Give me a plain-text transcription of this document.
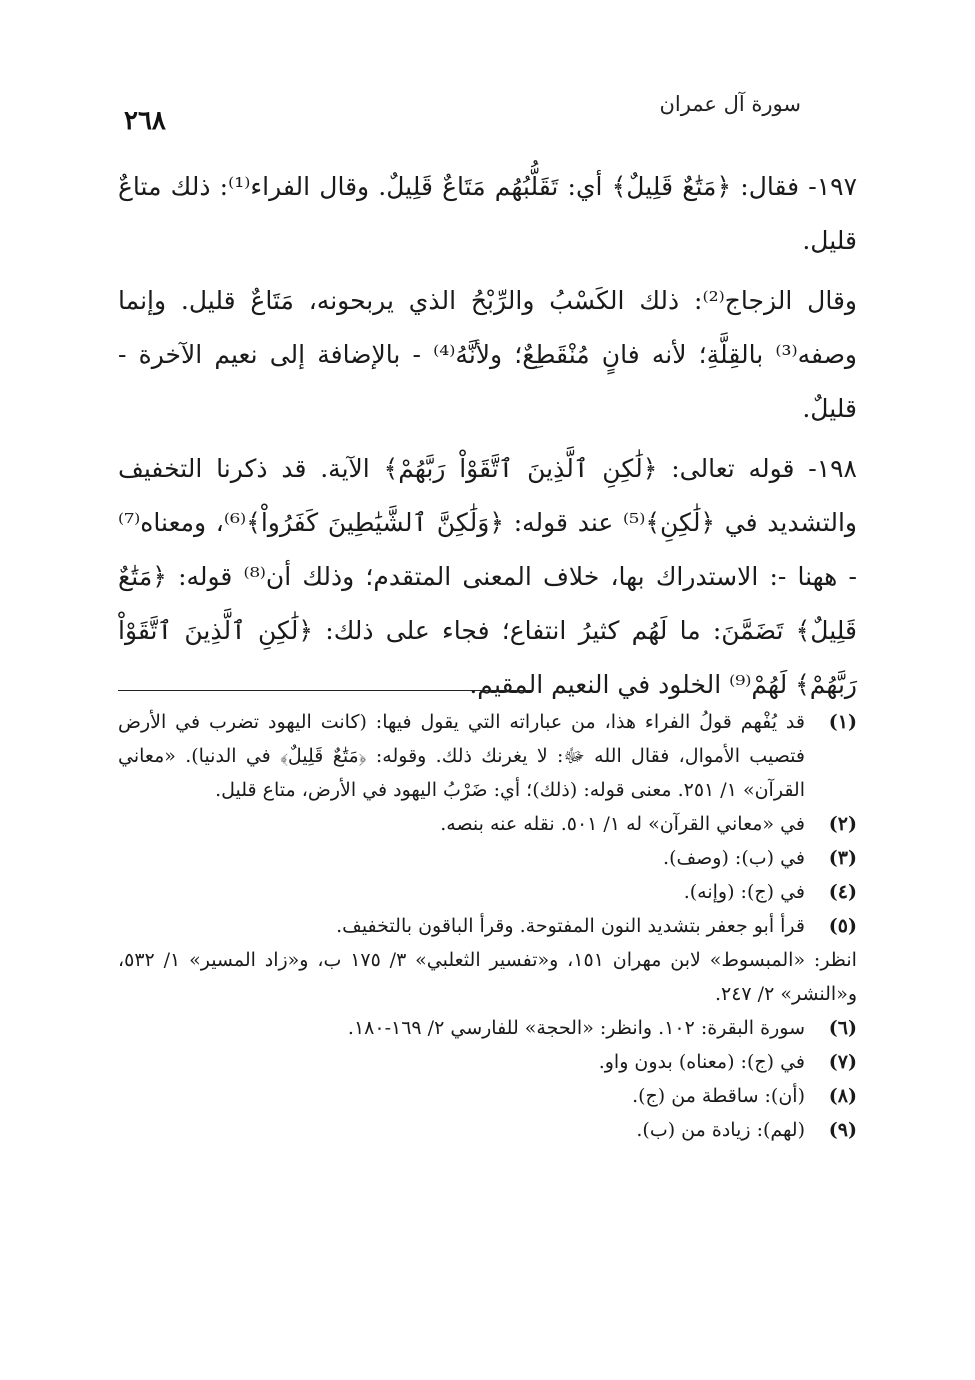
سورة آل عمران
٢٦٨

١٩٧- فقال: ﴿مَتَٰعٌ قَلِيلٌ﴾ أي: تَقَلُّبُهُم مَتَاعٌ قَلِيلٌ. وقال الفراء⁽¹⁾: ذلك متاعٌ قليل.

وقال الزجاج⁽²⁾: ذلك الكَسْبُ والرِّبْحُ الذي يربحونه، مَتَاعٌ قليل. وإنما وصفه⁽³⁾ بالقِلَّةِ؛ لأنه فانٍ مُنْقَطِعٌ؛ ولأنَّهُ⁽⁴⁾ - بالإضافة إلى نعيم الآخرة - قليلٌ.

١٩٨- قوله تعالى: ﴿لَٰكِنِ ٱلَّذِينَ ٱتَّقَوْاْ رَبَّهُمْ﴾ الآية. قد ذكرنا التخفيف والتشديد في ﴿لَٰكِنِ﴾⁽⁵⁾ عند قوله: ﴿وَلَٰكِنَّ ٱلشَّيَٰطِينَ كَفَرُواْ﴾⁽⁶⁾، ومعناه⁽⁷⁾ - ههنا -: الاستدراك بها، خلاف المعنى المتقدم؛ وذلك أن⁽⁸⁾ قوله: ﴿مَتَٰعٌ قَلِيلٌ﴾ تَضَمَّنَ: ما لَهُم كثيرُ انتفاع؛ فجاء على ذلك: ﴿لَٰكِنِ ٱلَّذِينَ ٱتَّقَوْاْ رَبَّهُمْ﴾ لَهُمْ⁽⁹⁾ الخلود في النعيم المقيم.

(١)
قد يُفْهم قولُ الفراء هذا، من عباراته التي يقول فيها: (كانت اليهود تضرب في الأرض فتصيب الأموال، فقال الله ﷻ: لا يغرنك ذلك. وقوله: ﴿مَتَٰعٌ قَلِيلٌ﴾ في الدنيا). «معاني القرآن» ١/ ٢٥١. معنى قوله: (ذلك)؛ أي: ضَرْبُ اليهود في الأرض، متاع قليل.
(٢)
في «معاني القرآن» له ١/ ٥٠١. نقله عنه بنصه.
(٣)
في (ب): (وصف).
(٤)
في (ج): (وإنه).
(٥)
قرأ أبو جعفر بتشديد النون المفتوحة. وقرأ الباقون بالتخفيف.
انظر: «المبسوط» لابن مهران ١٥١، و«تفسير الثعلبي» ٣/ ١٧٥ ب، و«زاد المسير» ١/ ٥٣٢، و«النشر» ٢/ ٢٤٧.
(٦)
سورة البقرة: ١٠٢. وانظر: «الحجة» للفارسي ٢/ ١٦٩-١٨٠.
(٧)
في (ج): (معناه) بدون واو.
(٨)
(أن): ساقطة من (ج).
(٩)
(لهم): زيادة من (ب).
